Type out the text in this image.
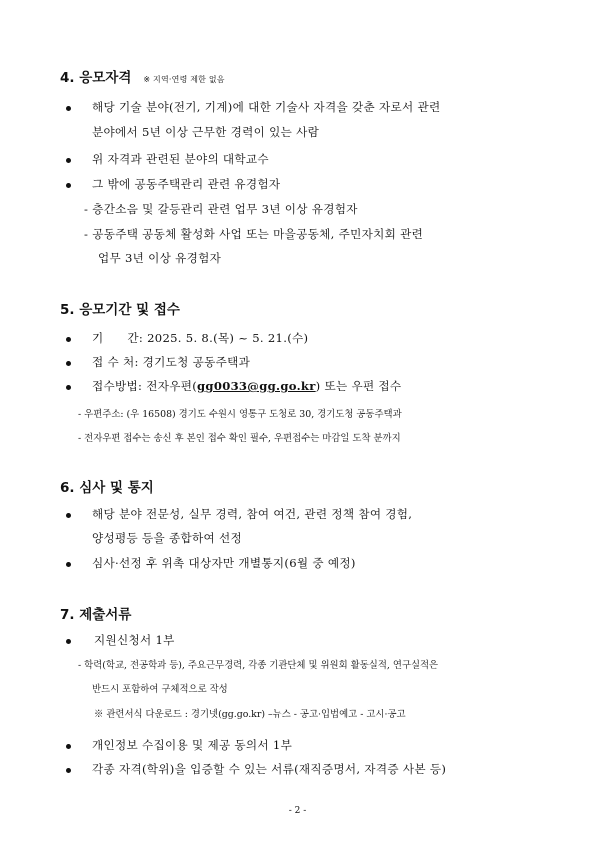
4. 응모자격 ※ 지역·연령 제한 없음
해당 기술 분야(전기, 기계)에 대한 기술사 자격을 갖춘 자로서 관련
분야에서 5년 이상 근무한 경력이 있는 사람
위 자격과 관련된 분야의 대학교수
그 밖에 공동주택관리 관련 유경험자
- 층간소음 및 갈등관리 관련 업무 3년 이상 유경험자
- 공동주택 공동체 활성화 사업 또는 마을공동체, 주민자치회 관련
업무 3년 이상 유경험자
5. 응모기간 및 접수
기      간: 2025. 5. 8.(목) ~ 5. 21.(수)
접 수 처: 경기도청 공동주택과
접수방법: 전자우편(gg0033@gg.go.kr) 또는 우편 접수
- 우편주소: (우 16508) 경기도 수원시 영통구 도청로 30, 경기도청 공동주택과
- 전자우편 접수는 송신 후 본인 접수 확인 필수, 우편접수는 마감일 도착 분까지
6. 심사 및 통지
해당 분야 전문성, 실무 경력, 참여 여건, 관련 정책 참여 경험,
양성평등 등을 종합하여 선정
심사·선정 후 위촉 대상자만 개별통지(6월 중 예정)
7. 제출서류
지원신청서 1부
- 학력(학교, 전공학과 등), 주요근무경력, 각종 기관단체 및 위원회 활동실적, 연구실적은
반드시 포함하여 구체적으로 작성
※ 관련서식 다운로드 : 경기넷(gg.go.kr) –뉴스 - 공고·입법예고 - 고시·공고
개인정보 수집이용 및 제공 동의서 1부
각종 자격(학위)을 입증할 수 있는 서류(재직증명서, 자격증 사본 등)
- 2 -
